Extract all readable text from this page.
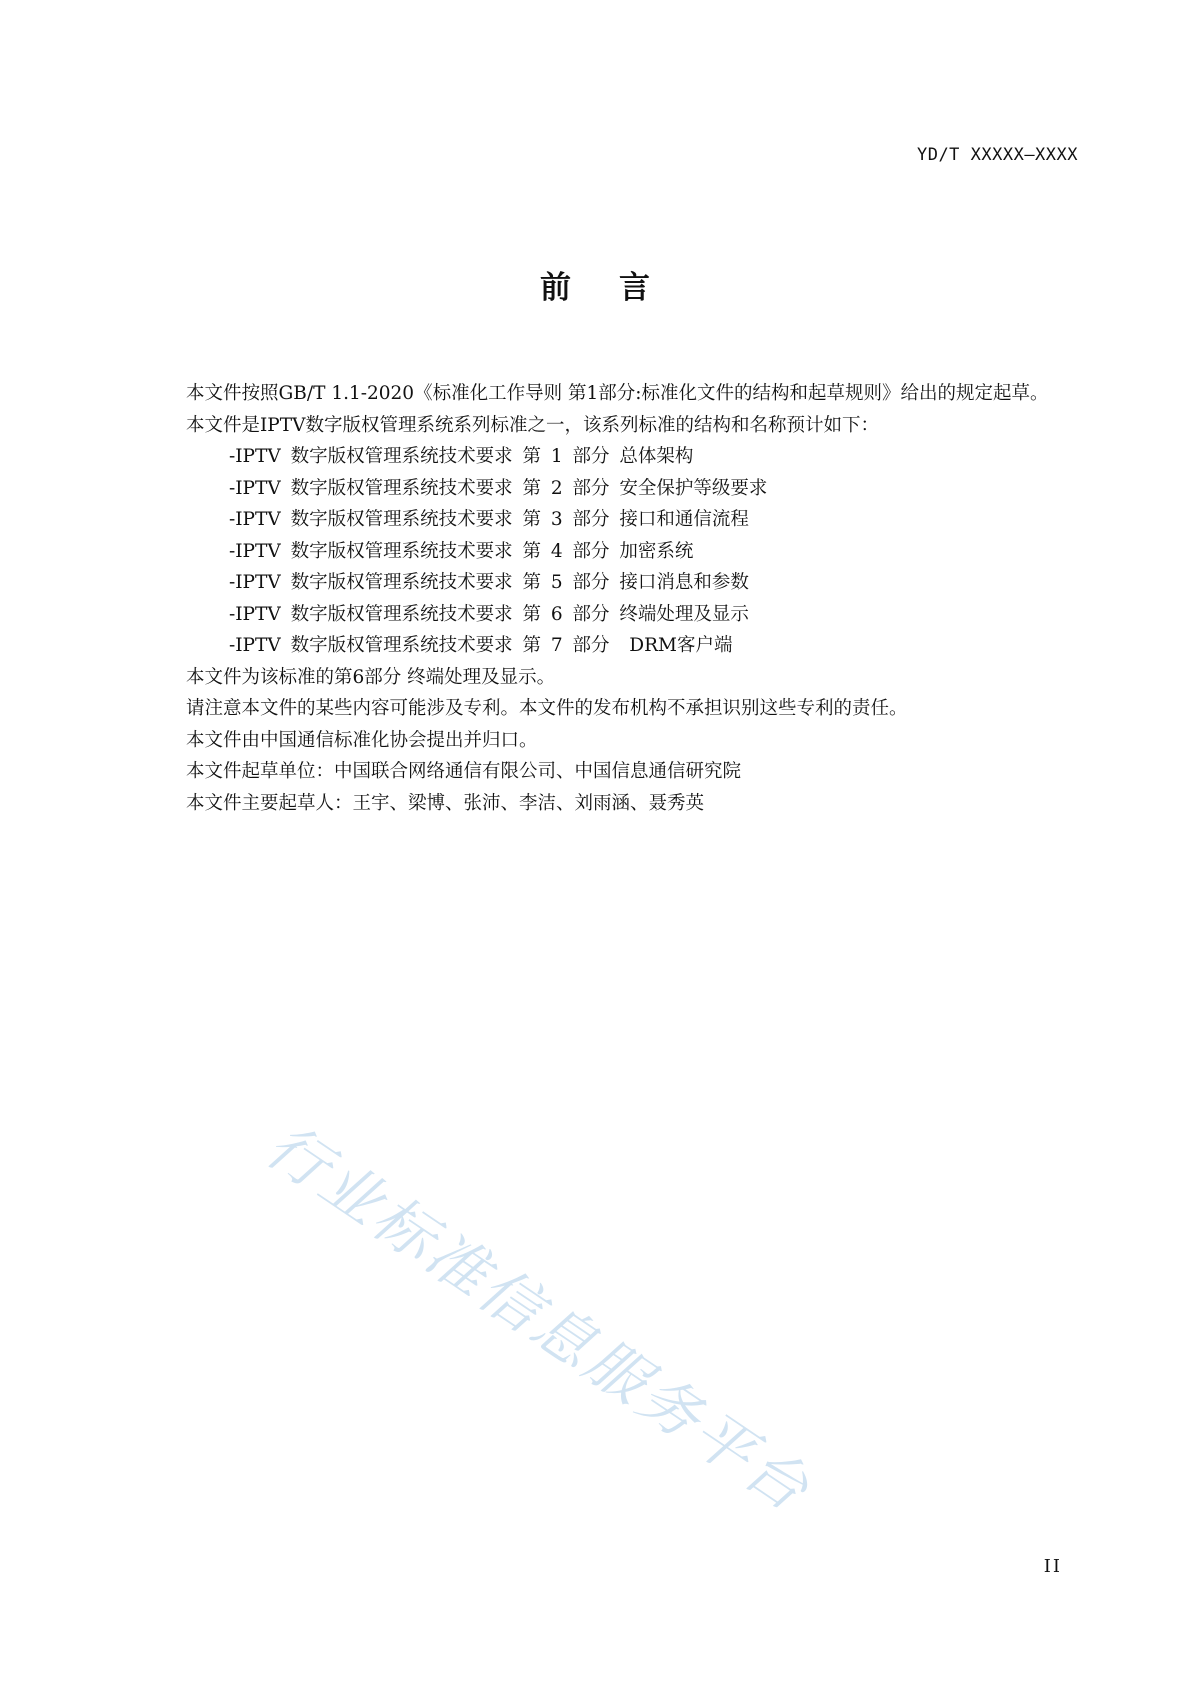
YD/T XXXXX—XXXX
前言

本文件按照GB/T 1.1-2020《标准化工作导则 第1部分:标准化文件的结构和起草规则》给出的规定起草。

本文件是IPTV数字版权管理系统系列标准之一，该系列标准的结构和名称预计如下：

-IPTV 数字版权管理系统技术要求 第 1 部分 总体架构
-IPTV 数字版权管理系统技术要求 第 2 部分 安全保护等级要求
-IPTV 数字版权管理系统技术要求 第 3 部分 接口和通信流程
-IPTV 数字版权管理系统技术要求 第 4 部分 加密系统
-IPTV 数字版权管理系统技术要求 第 5 部分 接口消息和参数
-IPTV 数字版权管理系统技术要求 第 6 部分 终端处理及显示
-IPTV 数字版权管理系统技术要求 第 7 部分  DRM客户端

本文件为该标准的第6部分 终端处理及显示。

请注意本文件的某些内容可能涉及专利。本文件的发布机构不承担识别这些专利的责任。

本文件由中国通信标准化协会提出并归口。

本文件起草单位：中国联合网络通信有限公司、中国信息通信研究院

本文件主要起草人：王宇、梁博、张沛、李洁、刘雨涵、聂秀英

行业标准信息服务平台
II
